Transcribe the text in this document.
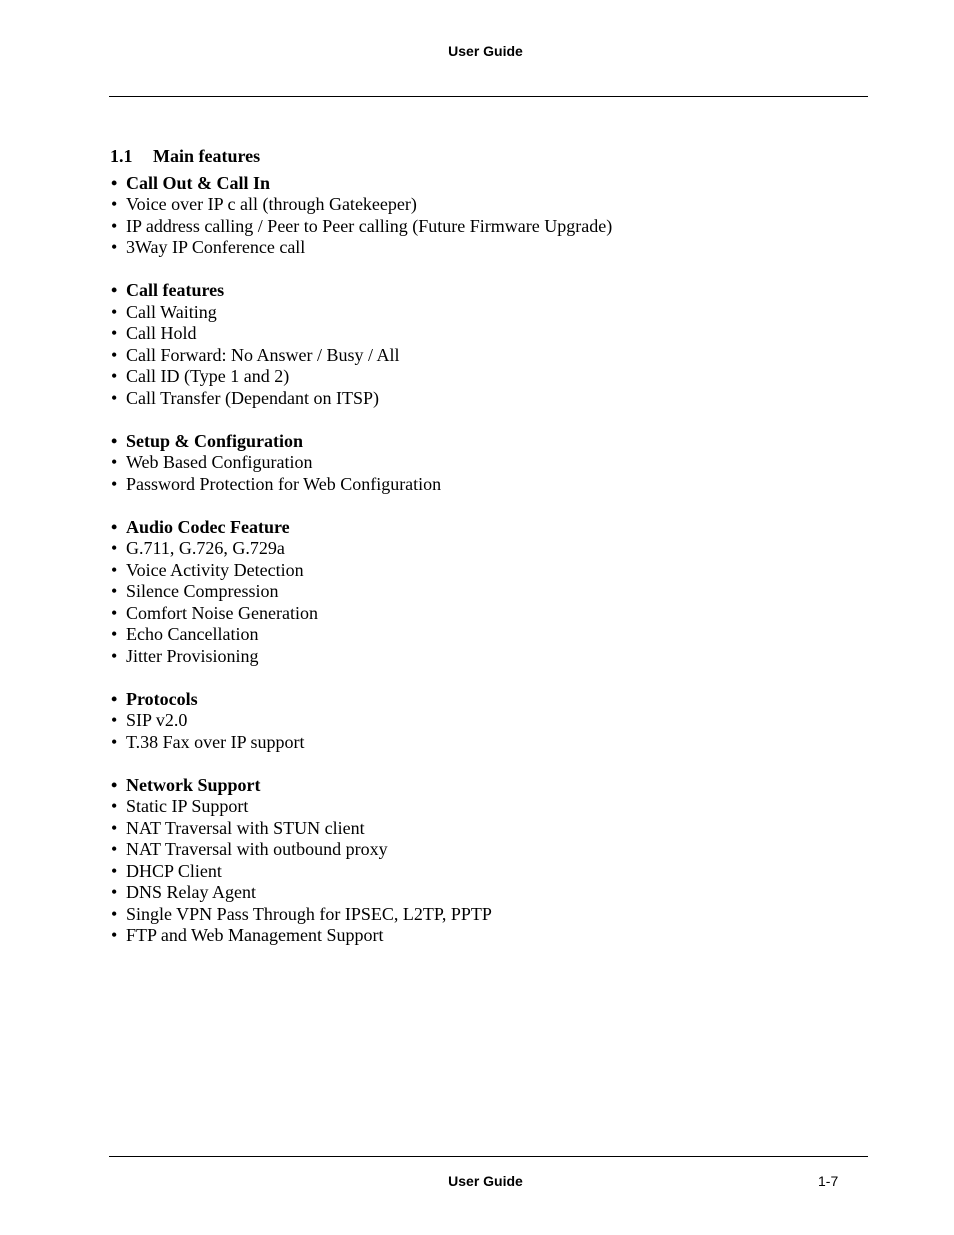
User Guide
1.1 Main features
• Call Out & Call In
• Voice over IP c all (through Gatekeeper)
• IP address calling / Peer to Peer calling (Future Firmware Upgrade)
• 3Way IP Conference call
• Call features
• Call Waiting
• Call Hold
• Call Forward: No Answer / Busy / All
• Call ID (Type 1 and 2)
• Call Transfer (Dependant on ITSP)
• Setup & Configuration
• Web Based Configuration
• Password Protection for Web Configuration
• Audio Codec Feature
• G.711, G.726, G.729a
• Voice Activity Detection
• Silence Compression
• Comfort Noise Generation
• Echo Cancellation
• Jitter Provisioning
• Protocols
• SIP v2.0
• T.38 Fax over IP support
• Network Support
• Static IP Support
• NAT Traversal with STUN client
• NAT Traversal with outbound proxy
• DHCP Client
• DNS Relay Agent
• Single VPN Pass Through for IPSEC, L2TP, PPTP
• FTP and Web Management Support
User Guide	1-7
